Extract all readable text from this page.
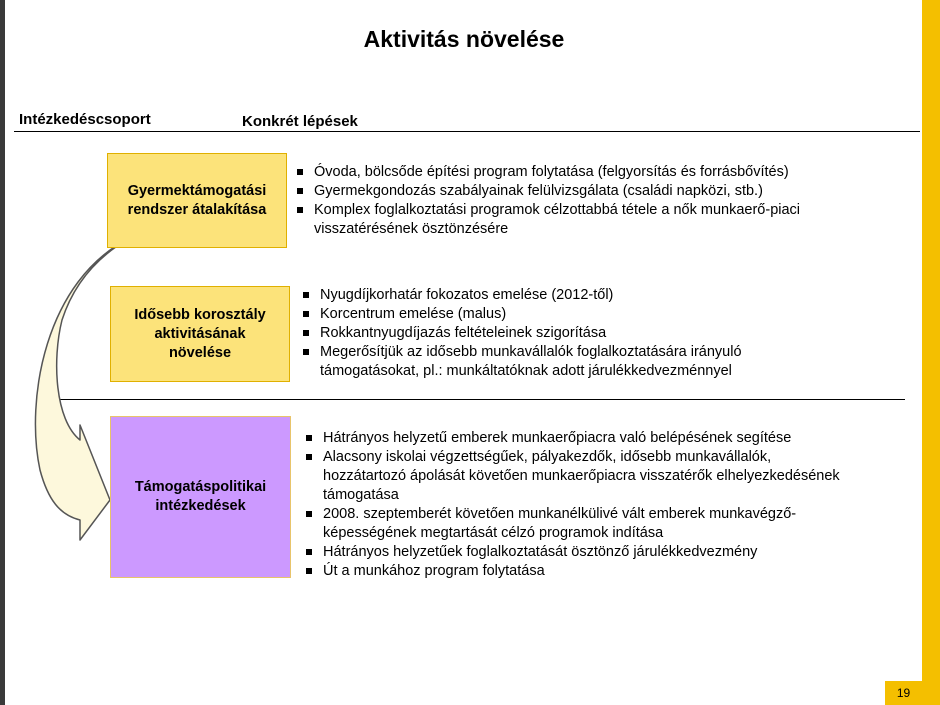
Aktivitás növelése
Intézkedéscsoport	Konkrét lépések
Gyermektámogatási rendszer átalakítása
Óvoda, bölcsőde építési program folytatása (felgyorsítás és forrásbővítés)
Gyermekgondozás szabályainak felülvizsgálata (családi napközi, stb.)
Komplex foglalkoztatási programok célzottabbá tétele a nők munkaerő-piaci visszatérésének ösztönzésére
Idősebb korosztály aktivitásának növelése
Nyugdíjkorhatár fokozatos emelése (2012-től)
Korcentrum emelése (malus)
Rokkantnyugdíjazás feltételeinek szigorítása
Megerősítjük az idősebb munkavállalók foglalkoztatására irányuló támogatásokat, pl.: munkáltatóknak adott járulékkedvezménnyel
Támogatáspolitikai intézkedések
Hátrányos helyzetű emberek munkaerőpiacra való belépésének segítése
Alacsony iskolai végzettségűek, pályakezdők, idősebb munkavállalók, hozzátartozó ápolását követően munkaerőpiacra visszatérők elhelyezkedésének támogatása
2008. szeptemberét követően munkanélkülivé vált emberek munkavégző-képességének megtartását célzó programok indítása
Hátrányos helyzetűek foglalkoztatását ösztönző járulékkedvezmény
Út a munkához program folytatása
19
